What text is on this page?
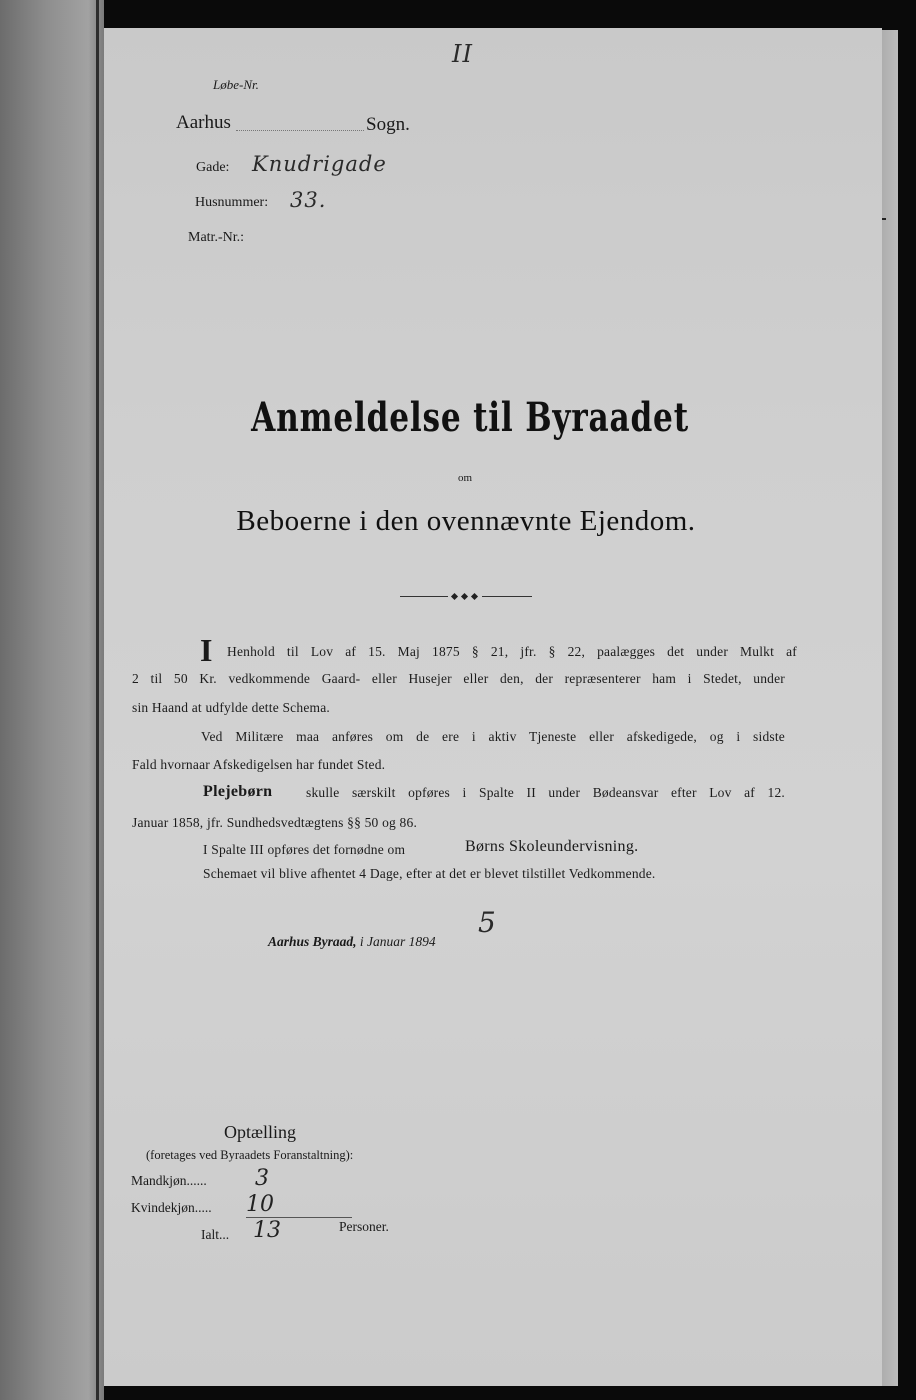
II
Løbe-Nr.
Aarhus	Sogn.
Gade: Knudrigade
Husnummer: 33.
Matr.-Nr.:
Anmeldelse til Byraadet
om
Beboerne i den ovennævnte Ejendom.
I Henhold til Lov af 15. Maj 1875 § 21, jfr. § 22, paalægges det under Mulkt af
2 til 50 Kr. vedkommende Gaard- eller Husejer eller den, der repræsenterer ham i Stedet, under
sin Haand at udfylde dette Schema.
Ved Militære maa anføres om de ere i aktiv Tjeneste eller afskedigede, og i sidste
Fald hvornaar Afskedigelsen har fundet Sted.
Plejebørn skulle særskilt opføres i Spalte II under Bødeansvar efter Lov af 12.
Januar 1858, jfr. Sundhedsvedtægtens §§ 50 og 86.
I Spalte III opføres det fornødne om	Børns Skoleundervisning.
Schemaet vil blive afhentet 4 Dage, efter at det er blevet tilstillet Vedkommende.
Aarhus Byraad, i Januar 1894
5
Optælling
(foretages ved Byraadets Foranstaltning):
Mandkjøn...... 3
Kvindekjøn..... 10
Ialt... 13	Personer.
